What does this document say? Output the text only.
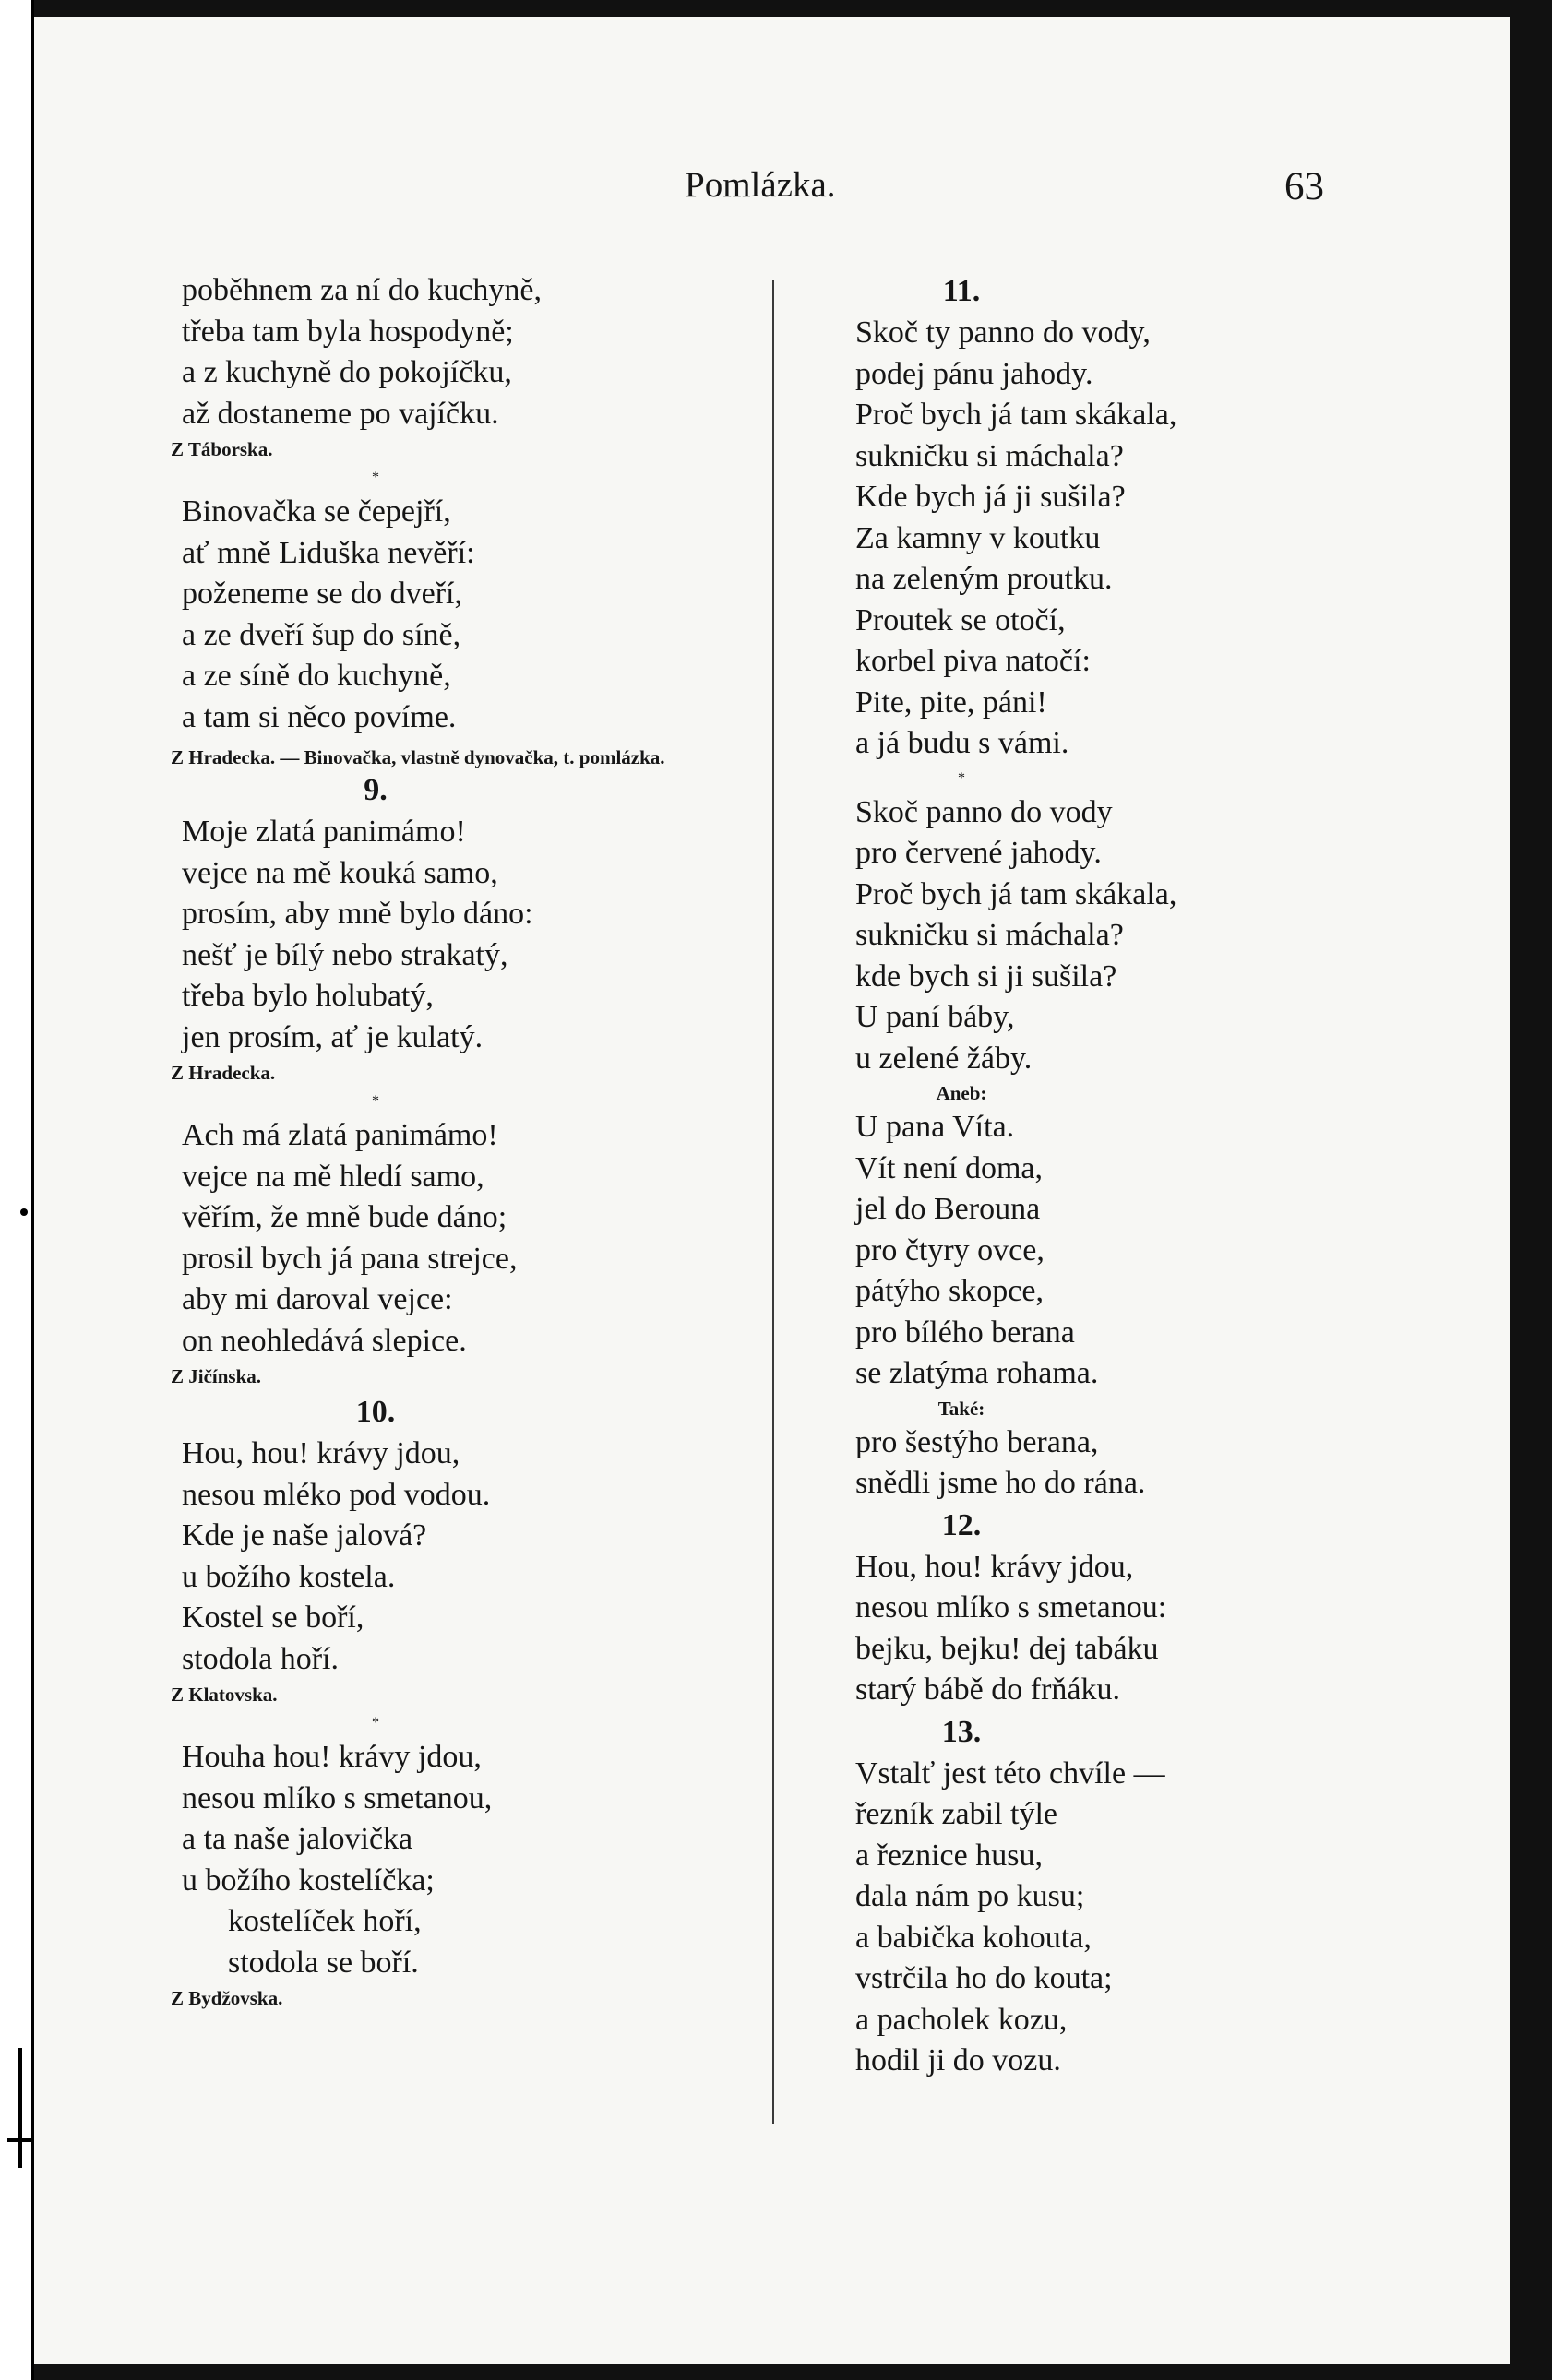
Pomlázka.	63
poběhnem za ní do kuchyně,
třeba tam byla hospodyně;
a z kuchyně do pokojíčku,
až dostaneme po vajíčku.
Z Táborska.
*
Binovačka se čepejří,
ať mně Liduška nevěří:
poženeme se do dveří,
a ze dveří šup do síně,
a ze síně do kuchyně,
a tam si něco povíme.
Z Hradecka. — Binovačka, vlastně dynovačka, t. pomlázka.
9.
Moje zlatá panimámo!
vejce na mě kouká samo,
prosím, aby mně bylo dáno:
nešť je bílý nebo strakatý,
třeba bylo holubatý,
jen prosím, ať je kulatý.
Z Hradecka.
*
Ach má zlatá panimámo!
vejce na mě hledí samo,
věřím, že mně bude dáno;
prosil bych já pana strejce,
aby mi daroval vejce:
on neohledává slepice.
Z Jičínska.
10.
Hou, hou! krávy jdou,
nesou mléko pod vodou.
Kde je naše jalová?
u božího kostela.
Kostel se boří,
stodola hoří.
Z Klatovska.
*
Houha hou! krávy jdou,
nesou mlíko s smetanou,
a ta naše jalovička
u božího kostelíčka;
kostelíček hoří,
stodola se boří.
Z Bydžovska.
11.
Skoč ty panno do vody,
podej pánu jahody.
Proč bych já tam skákala,
sukničku si máchala?
Kde bych já ji sušila?
Za kamny v koutku
na zeleným proutku.
Proutek se otočí,
korbel piva natočí:
Pite, pite, páni!
a já budu s vámi.
*
Skoč panno do vody
pro červené jahody.
Proč bych já tam skákala,
sukničku si máchala?
kde bych si ji sušila?
U paní báby,
u zelené žáby.
Aneb:
U pana Víta.
Vít není doma,
jel do Berouna
pro čtyry ovce,
pátýho skopce,
pro bílého berana
se zlatýma rohama.
Také:
pro šestýho berana,
snědli jsme ho do rána.
12.
Hou, hou! krávy jdou,
nesou mlíko s smetanou:
bejku, bejku! dej tabáku
starý bábě do frňáku.
13.
Vstalť jest této chvíle —
řezník zabil týle
a řeznice husu,
dala nám po kusu;
a babička kohouta,
vstrčila ho do kouta;
a pacholek kozu,
hodil ji do vozu.
